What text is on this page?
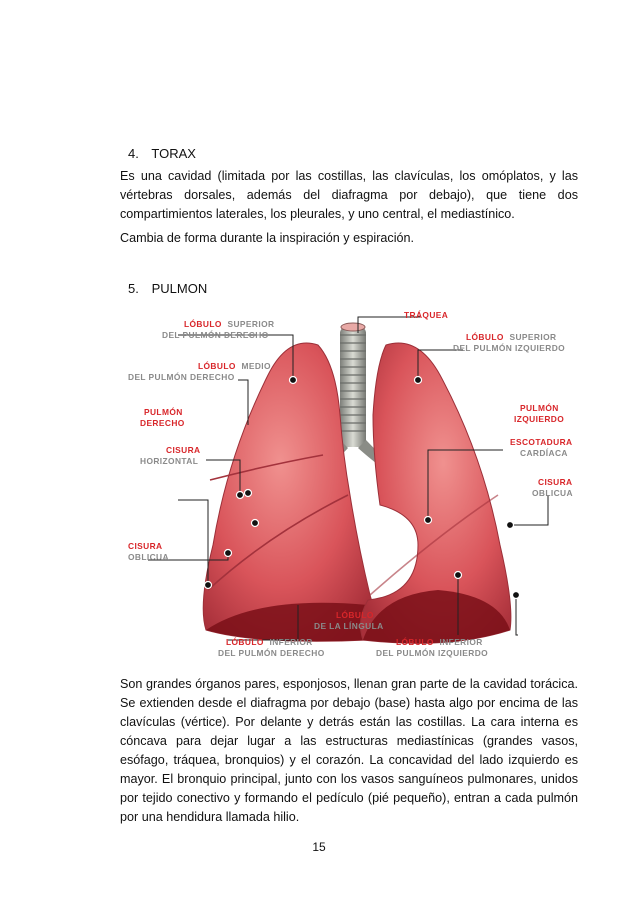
4. TORAX
Es una cavidad (limitada por las costillas, las clavículas, los omóplatos, y las vértebras dorsales, además del diafragma por debajo), que tiene dos compartimientos laterales, los pleurales, y uno central, el mediastínico.
Cambia de forma durante la inspiración y espiración.
5. PULMON
LÓBULO SUPERIOR
DEL PULMÓN DERECHO
LÓBULO MEDIO
DEL PULMÓN DERECHO
PULMÓN
DERECHO
CISURA
HORIZONTAL
CISURA
OBLICUA
LÓBULO INFERIOR
DEL PULMÓN DERECHO
TRÁQUEA
LÓBULO SUPERIOR
DEL PULMÓN IZQUIERDO
PULMÓN
IZQUIERDO
ESCOTADURA
CARDÍACA
CISURA
OBLICUA
LÓBULO
DE LA LÍNGULA
LÓBULO INFERIOR
DEL PULMÓN IZQUIERDO
Son grandes órganos pares, esponjosos, llenan gran parte de la cavidad torácica. Se extienden desde el diafragma por debajo (base) hasta algo por encima de las clavículas (vértice). Por delante y detrás están las costillas. La cara interna es cóncava para dejar lugar a las estructuras mediastínicas (grandes vasos, esófago, tráquea, bronquios) y el corazón. La concavidad del lado izquierdo es mayor. El bronquio principal, junto con los vasos sanguíneos pulmonares, unidos por tejido conectivo y formando el pedículo (pié pequeño), entran a cada pulmón por una hendidura llamada hilio.
15
